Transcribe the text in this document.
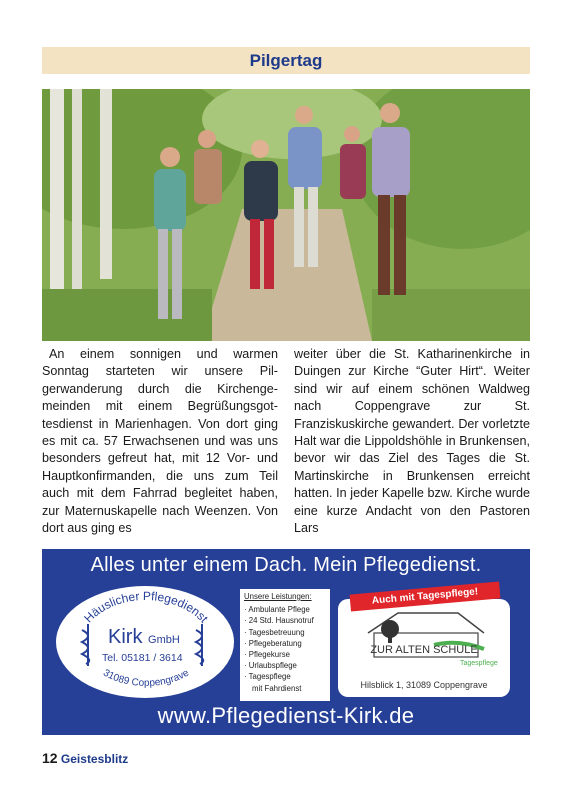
Pilgertag

An einem sonnigen und warmen Sonntag starteten wir unsere Pilgerwanderung durch die Kirchengemeinden mit einem Begrüßungsgottesdienst in Marienhagen. Von dort ging es mit ca. 57 Erwachsenen und was uns besonders gefreut hat, mit 12 Vor- und Hauptkonfirmanden, die uns zum Teil auch mit dem Fahrrad begleitet haben, zur Maternuskapelle nach Weenzen. Von dort aus ging es

weiter über die St. Katharinenkirche in Duingen zur Kirche “Guter Hirt“. Weiter sind wir auf einem schönen Waldweg nach Coppengrave zur St. Franziskuskirche gewandert. Der vorletzte Halt war die Lippoldshöhle in Brunkensen, bevor wir das Ziel des Tages die St. Martinskirche in Brunkensen erreicht hatten. In jeder Kapelle bzw. Kirche wurde eine kurze Andacht von den Pastoren Lars

Alles unter einem Dach. Mein Pflegedienst.
Häuslicher Pflegedienst
31089 Coppengrave
Kirk GmbH
Tel. 05181 / 3614
Unsere Leistungen:
· Ambulante Pflege
· 24 Std. Hausnotruf
· Tagesbetreuung
· Pflegeberatung
· Pflegekurse
· Urlaubspflege
· Tagespflege
mit Fahrdienst
ZUR ALTEN SCHULE
Tagespflege
Hilsblick 1, 31089 Coppengrave
Auch mit Tagespflege!
www.Pflegedienst-Kirk.de
12 Geistesblitz
